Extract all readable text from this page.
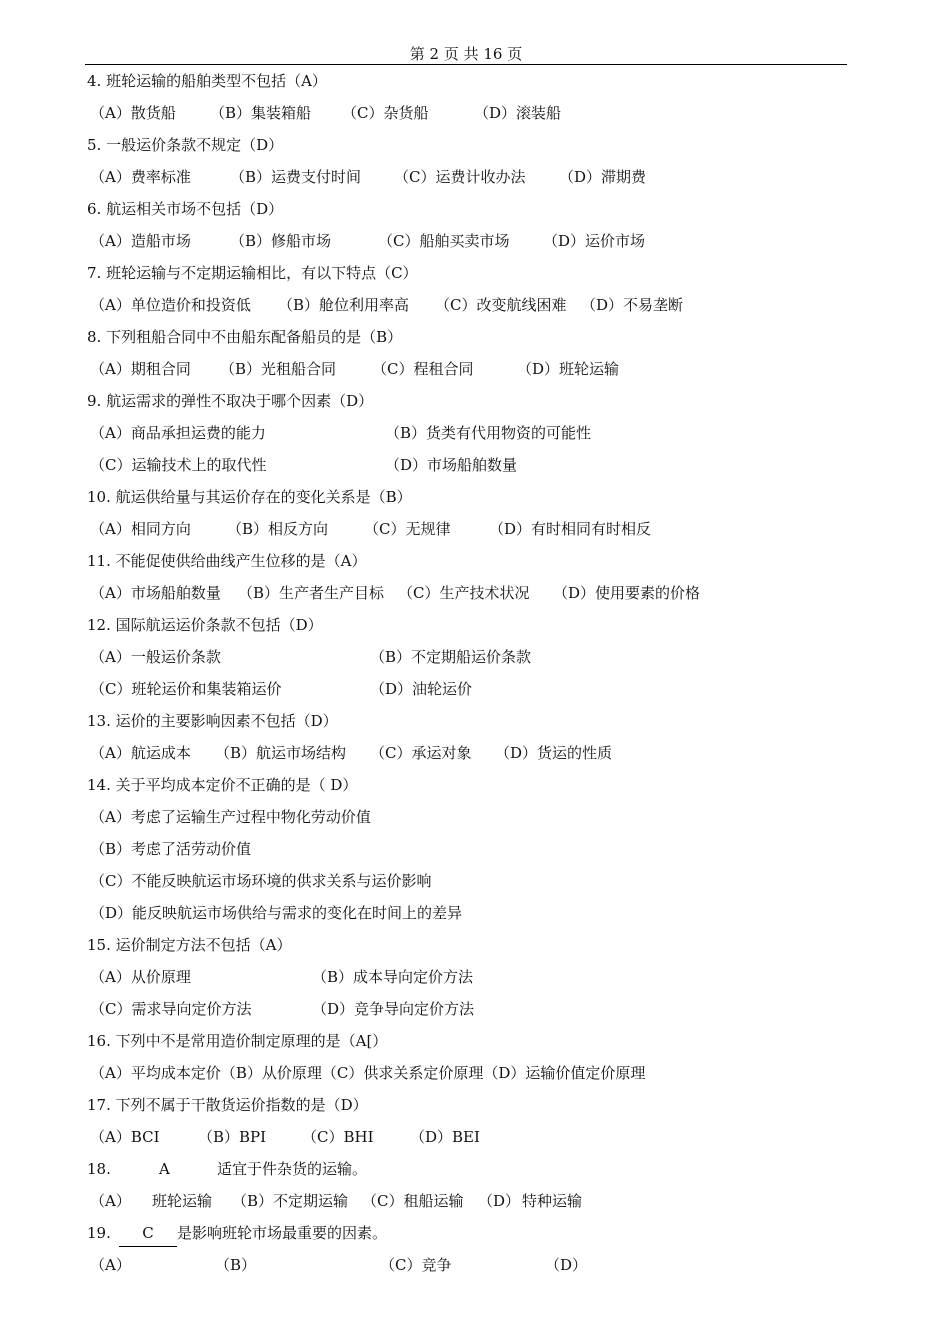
第 2 页 共 16 页
4. 班轮运输的船舶类型不包括（A）
（A）散货船 （B）集装箱船 （C）杂货船	（D）滚装船
5. 一般运价条款不规定（D）
（A）费率标准	（B）运费支付时间 （C）运费计收办法 （D）滞期费
6. 航运相关市场不包括（D）
（A）造船市场	（B）修船市场	（C）船舶买卖市场 （D）运价市场
7. 班轮运输与不定期运输相比，有以下特点（C）
（A）单位造价和投资低 （B）舱位利用率高 （C）改变航线困难 （D）不易垄断
8. 下列租船合同中不由船东配备船员的是（B）
（A）期租合同 （B）光租船合同 （C）程租合同	（D）班轮运输
9. 航运需求的弹性不取决于哪个因素（D）
（A）商品承担运费的能力	（B）货类有代用物资的可能性
（C）运输技术上的取代性	（D）市场船舶数量
10. 航运供给量与其运价存在的变化关系是（B）
（A）相同方向 （B）相反方向 （C）无规律	（D）有时相同有时相反
11. 不能促使供给曲线产生位移的是（A）
（A）市场船舶数量 （B）生产者生产目标 （C）生产技术状况 （D）使用要素的价格
12. 国际航运运价条款不包括（D）
（A）一般运价条款	（B）不定期船运价条款
（C）班轮运价和集装箱运价	（D）油轮运价
13. 运价的主要影响因素不包括（D）
（A）航运成本 （B）航运市场结构 （C）承运对象 （D）货运的性质
14. 关于平均成本定价不正确的是（ D）
（A）考虑了运输生产过程中物化劳动价值
（B）考虑了活劳动价值
（C）不能反映航运市场环境的供求关系与运价影响
（D）能反映航运市场供给与需求的变化在时间上的差异
15. 运价制定方法不包括（A）
（A）从价原理	（B）成本导向定价方法
（C）需求导向定价方法	（D）竞争导向定价方法
16. 下列中不是常用造价制定原理的是（A[）
（A）平均成本定价（B）从价原理（C）供求关系定价原理（D）运输价值定价原理
17. 下列不属于干散货运价指数的是（D）
（A）BCI	（B）BPI （C）BHI （D）BEI
18.	A	适宜于件杂货的运输。
（A） 班轮运输 （B）不定期运输 （C）租船运输 （D） 特种运输
19. C 是影响班轮市场最重要的因素。
（A）	（B）	（C）竞争	（D）
